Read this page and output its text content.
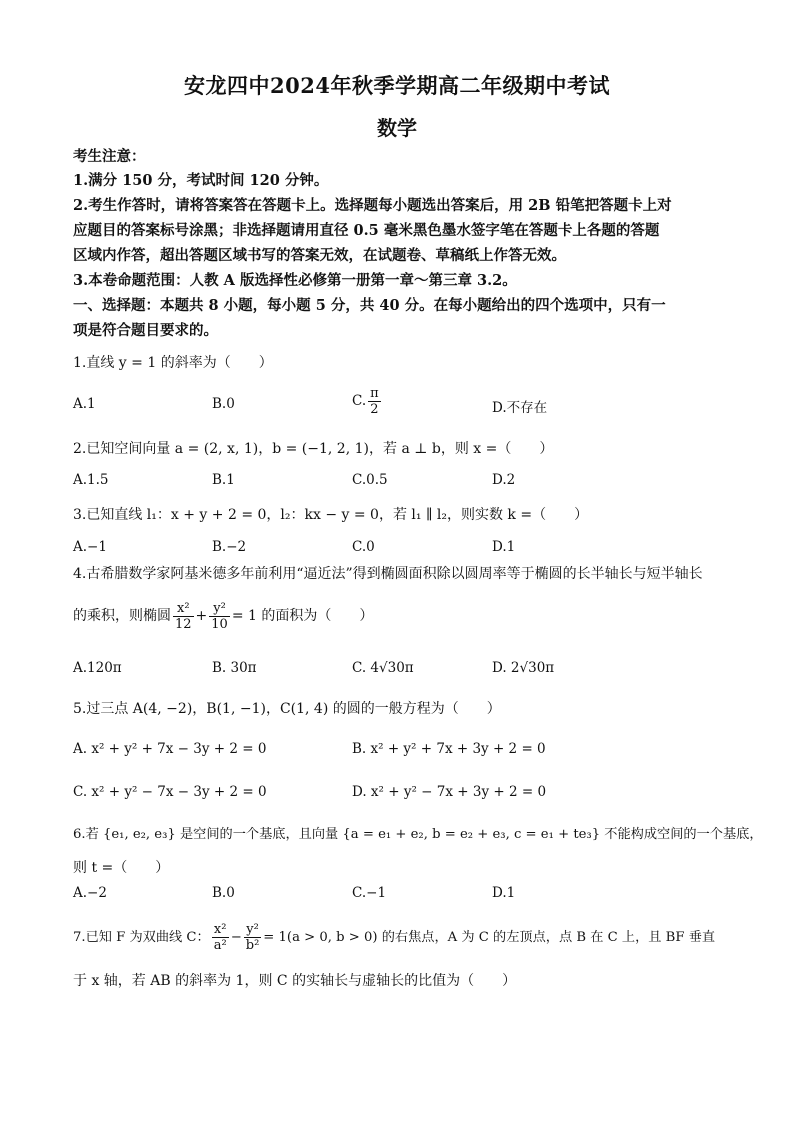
安龙四中2024年秋季学期高二年级期中考试
数学
考生注意：
1.满分 150 分，考试时间 120 分钟。
2.考生作答时，请将答案答在答题卡上。选择题每小题选出答案后，用 2B 铅笔把答题卡上对
应题目的答案标号涂黑；非选择题请用直径 0.5 毫米黑色墨水签字笔在答题卡上各题的答题
区域内作答，超出答题区域书写的答案无效，在试题卷、草稿纸上作答无效。
3.本卷命题范围：人教 A 版选择性必修第一册第一章～第三章 3.2。
一、选择题：本题共 8 小题，每小题 5 分，共 40 分。在每小题给出的四个选项中，只有一
项是符合题目要求的。
1.直线 y = 1 的斜率为（　　）
A.1	B.0	C. $\frac{\pi}{2}$	D.不存在
2.已知空间向量 a = (2, x, 1)，b = (−1, 2, 1)，若 a ⊥ b，则 x =（　　）
A.1.5	B.1	C.0.5	D.2
3.已知直线 l₁：x + y + 2 = 0，l₂：kx − y = 0，若 l₁ ∥ l₂，则实数 k =（　　）
A.−1	B.−2	C.0	D.1
4.古希腊数学家阿基米德多年前利用“逼近法”得到椭圆面积除以圆周率等于椭圆的长半轴长与短半轴长
的乘积，则椭圆 $\frac{\text{x²}}{12} + \frac{\text{y²}}{10} = 1$ 的面积为（　　）
A.120π	B. 30π	C. 4√30π	D. 2√30π
5.过三点 A(4, −2)，B(1, −1)，C(1, 4) 的圆的一般方程为（　　）
A. x² + y² + 7x − 3y + 2 = 0	B. x² + y² + 7x + 3y + 2 = 0
C. x² + y² − 7x − 3y + 2 = 0	D. x² + y² − 7x + 3y + 2 = 0
6.若 {e₁, e₂, e₃} 是空间的一个基底，且向量 {a = e₁ + e₂, b = e₂ + e₃, c = e₁ + te₃} 不能构成空间的一个基底，
则 t =（　　）
A.−2	B.0	C.−1	D.1
7.已知 F 为双曲线 C： $\frac{\text{x²}}{\text{a²}} - \frac{\text{y²}}{\text{b²}} = 1(a > 0$, b > 0) 的右焦点，A 为 C 的左顶点，点 B 在 C 上，且 BF 垂直
于 x 轴，若 AB 的斜率为 1，则 C 的实轴长与虚轴长的比值为（　　）
